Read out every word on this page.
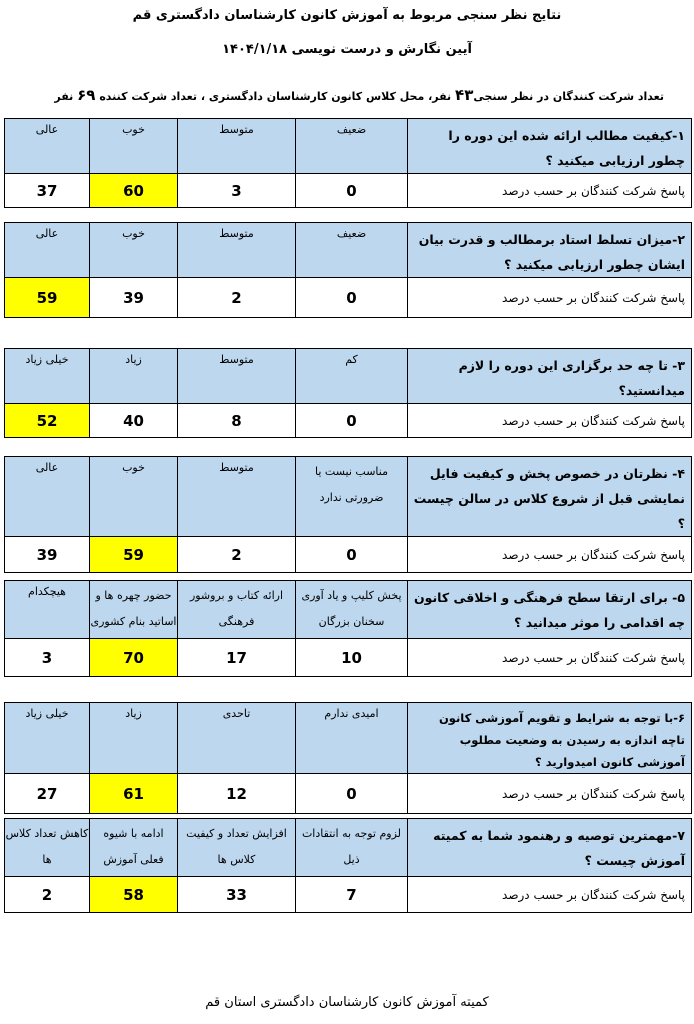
نتایج نظر سنجی مربوط به آموزش کانون کارشناسان دادگستری قم
آیین نگارش و درست نویسی ۱۴۰۴/۱/۱۸
تعداد شرکت کنندگان در نظر سنجی۴۳ نفر، محل کلاس کانون کارشناسان دادگستری ، تعداد شرکت کننده ۶۹ نفر
۱-کیفیت مطالب ارائه شده این دوره را چطور ارزیابی میکنید ؟	ضعیف	متوسط	خوب	عالی
پاسخ شرکت کنندگان بر حسب درصد	0	3	60	37
۲-میزان تسلط استاد برمطالب و قدرت بیان ایشان چطور ارزیابی میکنید ؟	ضعیف	متوسط	خوب	عالی
پاسخ شرکت کنندگان بر حسب درصد	0	2	39	59
۳- تا چه حد برگزاری این دوره را لازم میدانستید؟	کم	متوسط	زیاد	خیلی زیاد
پاسخ شرکت کنندگان بر حسب درصد	0	8	40	52
۴- نظرتان در خصوص پخش و کیفیت فایل نمایشی قبل از شروع کلاس در سالن چیست ؟	مناسب نیست یا ضرورتی ندارد	متوسط	خوب	عالی
پاسخ شرکت کنندگان بر حسب درصد	0	2	59	39
۵- برای ارتقا سطح فرهنگی و اخلاقی کانون چه اقدامی را موثر میدانید ؟	پخش کلیپ و یاد آوری سخنان بزرگان	ارائه کتاب و بروشور فرهنگی	حضور چهره ها و اساتید بنام کشوری	هیچکدام
پاسخ شرکت کنندگان بر حسب درصد	10	17	70	3
۶-با توجه به شرایط و تقویم آموزشی کانون تاچه اندازه به رسیدن به وضعیت مطلوب آموزشی کانون امیدوارید ؟	امیدی ندارم	تاحدی	زیاد	خیلی زیاد
پاسخ شرکت کنندگان بر حسب درصد	0	12	61	27
۷-مهمترین توصیه و رهنمود شما به کمیته آموزش چیست ؟	لزوم توجه به انتقادات ذیل	افزایش تعداد و کیفیت کلاس ها	ادامه با شیوه فعلی آموزش	کاهش تعداد کلاس ها
پاسخ شرکت کنندگان بر حسب درصد	7	33	58	2
کمیته آموزش کانون کارشناسان دادگستری استان قم
